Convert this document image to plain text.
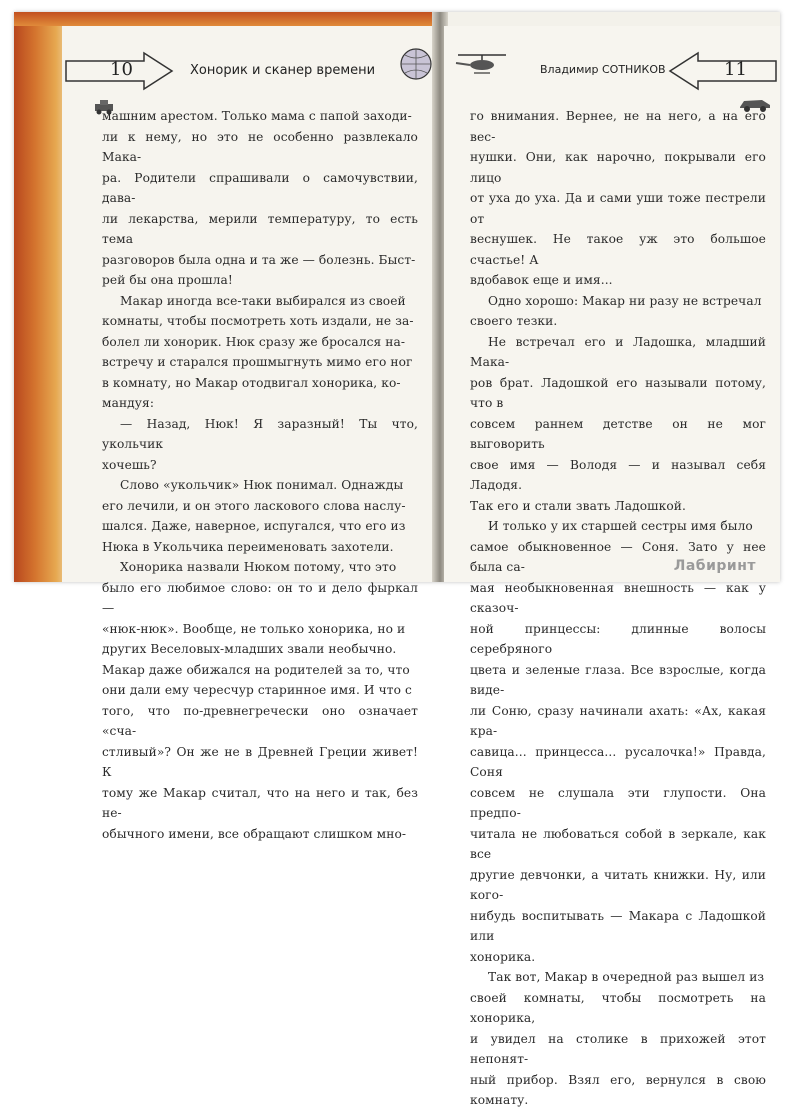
10	Хонорик и сканер времени

машним арестом. Только мама с папой заходи-
ли к нему, но это не особенно развлекало Мака-
ра. Родители спрашивали о самочувствии, дава-
ли лекарства, мерили температуру, то есть тема
разговоров была одна и та же — болезнь. Быст-
рей бы она прошла!

Макар иногда все-таки выбирался из своей
комнаты, чтобы посмотреть хоть издали, не за-
болел ли хонорик. Нюк сразу же бросался на-
встречу и старался прошмыгнуть мимо его ног
в комнату, но Макар отодвигал хонорика, ко-
мандуя:

— Назад, Нюк! Я заразный! Ты что, укольчик
хочешь?

Слово «укольчик» Нюк понимал. Однажды
его лечили, и он этого ласкового слова наслу-
шался. Даже, наверное, испугался, что его из
Нюка в Укольчика переименовать захотели.

Хонорика назвали Нюком потому, что это
было его любимое слово: он то и дело фыркал —
«нюк-нюк». Вообще, не только хонорика, но и
других Веселовых-младших звали необычно.
Макар даже обижался на родителей за то, что
они дали ему чересчур старинное имя. И что с
того, что по-древнегречески оно означает «сча-
стливый»? Он же не в Древней Греции живет! К
тому же Макар считал, что на него и так, без не-
обычного имени, все обращают слишком мно-

Владимир СОТНИКОВ	11

го внимания. Вернее, не на него, а на его вес-
нушки. Они, как нарочно, покрывали его лицо
от уха до уха. Да и сами уши тоже пестрели от
веснушек. Не такое уж это большое счастье! А
вдобавок еще и имя...

Одно хорошо: Макар ни разу не встречал
своего тезки.

Не встречал его и Ладошка, младший Мака-
ров брат. Ладошкой его называли потому, что в
совсем раннем детстве он не мог выговорить
свое имя — Володя — и называл себя Ладодя.
Так его и стали звать Ладошкой.

И только у их старшей сестры имя было
самое обыкновенное — Соня. Зато у нее была са-
мая необыкновенная внешность — как у сказоч-
ной принцессы: длинные волосы серебряного
цвета и зеленые глаза. Все взрослые, когда виде-
ли Соню, сразу начинали ахать: «Ах, какая кра-
савица... принцесса... русалочка!» Правда, Соня
совсем не слушала эти глупости. Она предпо-
читала не любоваться собой в зеркале, как все
другие девчонки, а читать книжки. Ну, или кого-
нибудь воспитывать — Макара с Ладошкой или
хонорика.

Так вот, Макар в очередной раз вышел из
своей комнаты, чтобы посмотреть на хонорика,
и увидел на столике в прихожей этот непонят-
ный прибор. Взял его, вернулся в свою комнату.

Лабиринт
